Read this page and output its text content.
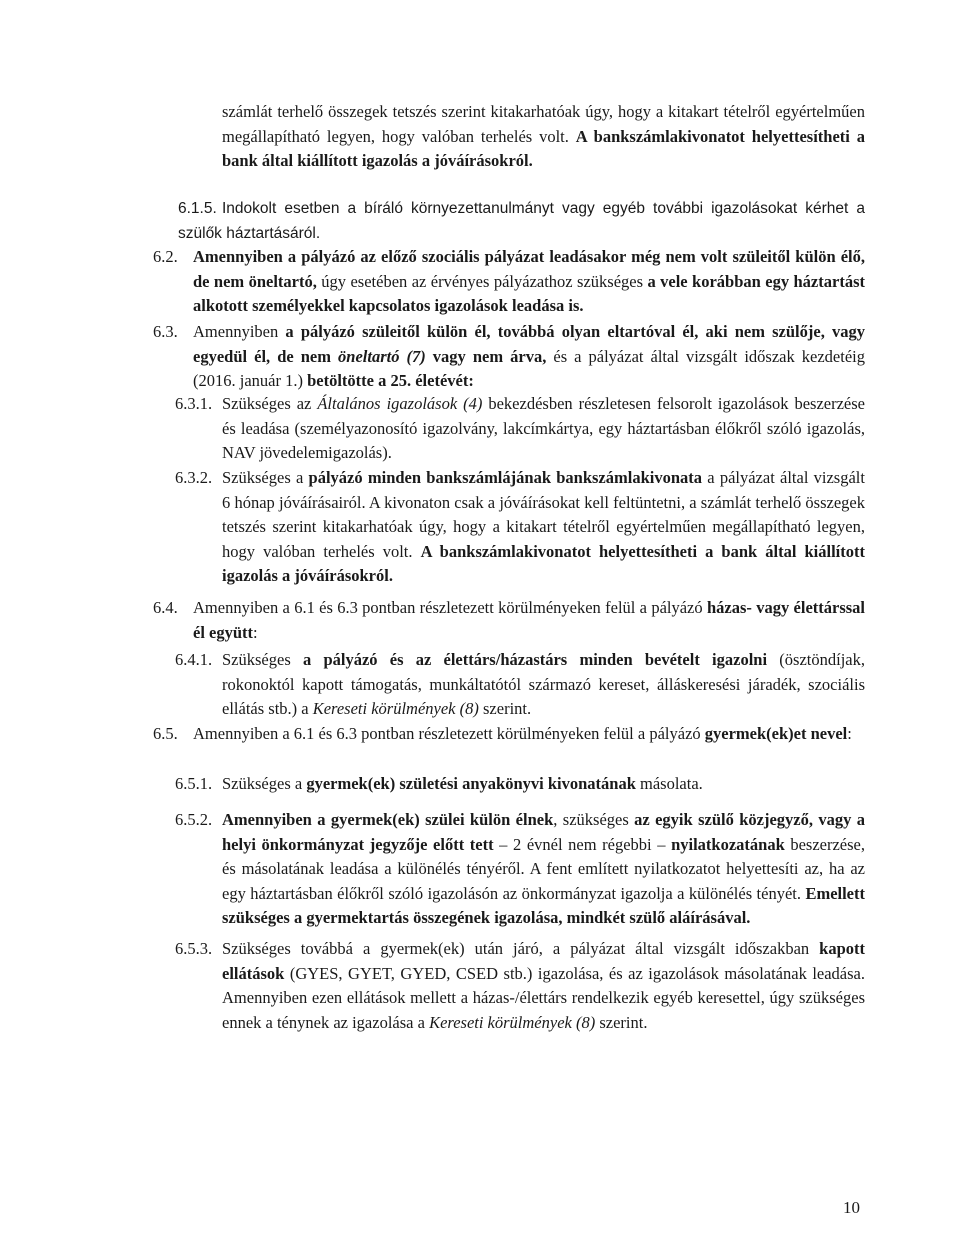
számlát terhelő összegek tetszés szerint kitakarhatóak úgy, hogy a kitakart tételről egyértelműen megállapítható legyen, hogy valóban terhelés volt. A bankszámlakivonatot helyettesítheti a bank által kiállított igazolás a jóváírásokról.

6.1.5. Indokolt esetben a bíráló környezettanulmányt vagy egyéb további igazolásokat kérhet a szülők háztartásáról.

6.2. Amennyiben a pályázó az előző szociális pályázat leadásakor még nem volt szüleitől külön élő, de nem öneltartó, úgy esetében az érvényes pályázathoz szükséges a vele korábban egy háztartást alkotott személyekkel kapcsolatos igazolások leadása is.

6.3. Amennyiben a pályázó szüleitől külön él, továbbá olyan eltartóval él, aki nem szülője, vagy egyedül él, de nem öneltartó (7) vagy nem árva, és a pályázat által vizsgált időszak kezdetéig (2016. január 1.) betöltötte a 25. életévét:

6.3.1. Szükséges az Általános igazolások (4) bekezdésben részletesen felsorolt igazolások beszerzése és leadása (személyazonosító igazolvány, lakcímkártya, egy háztartásban élőkről szóló igazolás, NAV jövedelemigazolás).

6.3.2. Szükséges a pályázó minden bankszámlájának bankszámlakivonata a pályázat által vizsgált 6 hónap jóváírásairól. A kivonaton csak a jóváírásokat kell feltüntetni, a számlát terhelő összegek tetszés szerint kitakarhatóak úgy, hogy a kitakart tételről egyértelműen megállapítható legyen, hogy valóban terhelés volt. A bankszámlakivonatot helyettesítheti a bank által kiállított igazolás a jóváírásokról.

6.4. Amennyiben a 6.1 és 6.3 pontban részletezett körülményeken felül a pályázó házas- vagy élettárssal él együtt:

6.4.1. Szükséges a pályázó és az élettárs/házastárs minden bevételt igazolni (ösztöndíjak, rokonoktól kapott támogatás, munkáltatótól származó kereset, álláskeresési járadék, szociális ellátás stb.) a Kereseti körülmények (8) szerint.

6.5. Amennyiben a 6.1 és 6.3 pontban részletezett körülményeken felül a pályázó gyermek(ek)et nevel:

6.5.1. Szükséges a gyermek(ek) születési anyakönyvi kivonatának másolata.

6.5.2. Amennyiben a gyermek(ek) szülei külön élnek, szükséges az egyik szülő közjegyző, vagy a helyi önkormányzat jegyzője előtt tett – 2 évnél nem régebbi – nyilatkozatának beszerzése, és másolatának leadása a különélés tényéről. A fent említett nyilatkozatot helyettesíti az, ha az egy háztartásban élőkről szóló igazolásón az önkormányzat igazolja a különélés tényét. Emellett szükséges a gyermektartás összegének igazolása, mindkét szülő aláírásával.

6.5.3. Szükséges továbbá a gyermek(ek) után járó, a pályázat által vizsgált időszakban kapott ellátások (GYES, GYET, GYED, CSED stb.) igazolása, és az igazolások másolatának leadása. Amennyiben ezen ellátások mellett a házas-/élettárs rendelkezik egyéb keresettel, úgy szükséges ennek a ténynek az igazolása a Kereseti körülmények (8) szerint.

10
